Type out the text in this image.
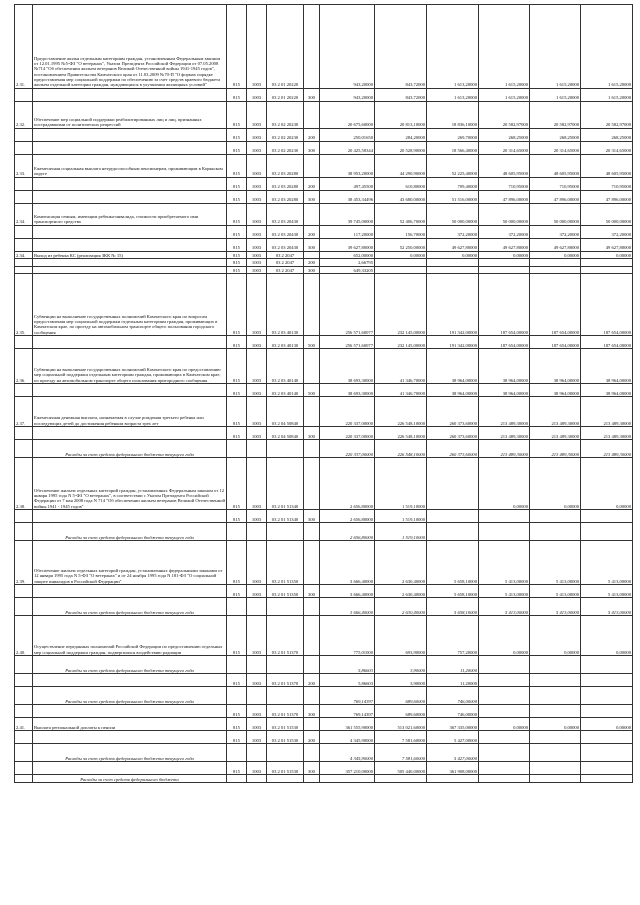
2.31.	Предоставление жилья отдельным категориям граждан, установленным Федеральным законом от 12.01.1995 №5-ФЗ "О ветеранах", Указом Президента Российской Федерации от 07.05.2008 №714 "Об обеспечении жильем ветеранов Великой Отечественной войны 1941-1945 годов", постановлением Правительства Камчатского края от 11.03.2009 №70-П "О формах порядке предоставления мер социальной поддержки по обеспечению за счет средств краевого бюджета жильем отдельной категории граждан, нуждающихся в улучшении жилищных условий"	815	1003	03 2 01 20220		943,20000	843,72000	1 613,20000	1 615,20000	1 615,20000	1 615,20000
		815	1003	03 2 01 20220	300	943,20000	843,72000	1 613,20000	1 615,20000	1 615,20000	1 615,20000
2.32.	Обеспечение мер социальной поддержки реабилитированных лиц и лиц, признанных пострадавшими от политических репрессий	815	1003	03 2 02 20230		20 675,60000	20 813,10000	18 836,10000	20 582,97000	20 582,97000	20 582,97000
		815	1003	03 2 02 20230	200	250,01650	284,20000	269,70000	268,25000	268,25000	268,25000
		815	1003	03 2 02 20230	300	20 425,58344	20 528,90000	18 566,40000	20 314,65000	20 314,65000	20 314,65000
2.33.	Ежемесячная социальная выплата нетрудоспособным пенсионерам, проживающим в Корякском округе	815	1003	03 2 03 20280		38 953,20000	44 290,90000	52 225,40000	48 605,95000	48 605,95000	48 605,95000
		815	1003	03 2 03 20280	200	497,45500	610,80000	709,40000	710,95000	710,95000	710,95000
		815	1003	03 2 03 20280	300	38 453,34496	43 680,00000	51 516,00000	47 896,00000	47 896,00000	47 896,00000
2.34.	Компенсация семьям, имеющим ребенка-инвалида, стоимости приобретаемого ими транспортного средства	815	1003	03 2 03 20430		39 745,00000	52 406,70000	50 000,00000	50 000,00000	50 000,00000	50 000,00000
		815	1003	03 2 03 20430	200	117,20000	156,70000	372,20000	372,20000	372,20000	372,20000
		815	1003	03 2 03 20430	300	39 627,80000	52 250,00000	49 627,80000	49 627,80000	49 627,80000	49 627,80000
2.34.	Выход из ребенка КС (реализация ЗКК № 15)	815	1003	03 2 2047		652,00000	0,00000	0,00000	0,00000	0,00000	0,00000
		815	1003	03 2 2047	200	2,66795					
		815	1003	03 2 2047	300	649,33205					
2.35.	Субвенции на выполнение государственных полномочий Камчатского края по вопросам предоставления мер социальной поддержки отдельным категориям граждан, проживающих в Камчатском крае, по проезду на автомобильном транспорте общего пользования городского сообщения	815	1003	03 2 03 40130		256 571,60077	232 145,00000	191 342,00000	187 654,00000	187 654,00000	187 654,00000
		815	1003	03 2 03 40130	500	256 571,60077	232 145,00000	191 342,00000	187 654,00000	187 654,00000	187 654,00000
2.36.	Субвенции на выполнение государственных полномочий Камчатского края по предоставлению мер социальной поддержки отдельным категориям граждан, проживающих в Камчатском крае, по проезду на автомобильном транспорте общего пользования пригородного сообщения	815	1003	03 2 03 40140		38 693,30000	41 346,70000	38 964,00000	38 964,00000	38 964,00000	38 964,00000
		815	1003	03 2 03 40140	500	38 693,30000	41 346,70000	38 964,00000	38 964,00000	38 964,00000	38 964,00000
2.37.	Ежемесячная денежная выплата, назначаемая в случае рождения третьего ребенка или последующих детей до достижения ребенком возраста трех лет	815	1003	03 2 04 50840		220 337,00000	226 548,10000	260 373,60000	213 489,30000	213 489,30000	213 489,30000
		815	1003	03 2 04 50840	300	220 337,00000	226 548,10000	260 373,60000	213 489,30000	213 489,30000	213 489,30000
	Расходы за счет средств федерального бюджета текущего года					220 337,00000	226 548,10000	260 373,60000	213 489,30000	213 489,30000	213 489,30000
2.38.	Обеспечение жильем отдельных категорий граждан, установленных Федеральным законом от 12 января 1995 года N 5-ФЗ "О ветеранах", в соответствии с Указом Президента Российской Федерации от 7 мая 2008 года N 714 "Об обеспечении жильем ветеранов Великой Отечественной войны 1941 - 1945 годов"	815	1003	03 2 01 51340		2 656,80000	1 519,10000		0,00000	0,00000	0,00000
		815	1003	03 2 01 51340	300	2 656,80000	1 519,10000				
	Расходы за счет средств федерального бюджета текущего года					2 656,80000	1 519,10000				
2.39.	Обеспечение жильем отдельных категорий граждан, установленных федеральными законами от 12 января 1995 года N 5-ФЗ "О ветеранах" и от 24 ноября 1995 года N 181-ФЗ "О социальной защите инвалидов в Российской Федерации"	815	1003	03 2 01 51350		3 666,40000	2 630,40000	5 658,10000	5 413,00000	5 413,00000	5 413,00000
		815	1003	03 2 01 51350	300	3 666,40000	2 630,40000	5 658,10000	5 413,00000	5 413,00000	5 413,00000
	Расходы за счет средств федерального бюджета текущего года					3 666,40000	2 630,40000	5 658,10000	5 413,00000	5 413,00000	5 413,00000
2.40.	Осуществление переданных полномочий Российской Федерации по предоставлению отдельных мер социальной поддержки граждан, подвергшихся воздействию радиации	815	1003	03 2 01 51370		775,01000	693,90000	757,20000	0,00000	0,00000	0,00000
	Расходы за счет средств федерального бюджета текущего года					5,86603	3,90000	11,20000			
		815	1003	03 2 01 51370	200	5,86603	3,90000	11,20000			
	Расходы за счет средств федерального бюджета текущего года					769,14397	689,60000	746,00000			
		815	1003	03 2 01 51370	300	769,14397	689,60000	746,00000			
2.41.	Выплата региональной доплаты к пенсии	815	1003	03 2 01 51530		361 555,90000	513 021,60000	367 335,00000	0,00000	0,00000	0,00000
		815	1003	03 2 01 51530	200	4 345,90000	7 581,60000	5 427,00000			
	Расходы за счет средств федерального бюджета текущего года					4 345,90000	7 581,60000	5 427,00000			
		815	1003	03 2 01 51530	300	357 210,00000	505 440,00000	361 908,00000			
	Расходы за счет средств федерального бюджета										
